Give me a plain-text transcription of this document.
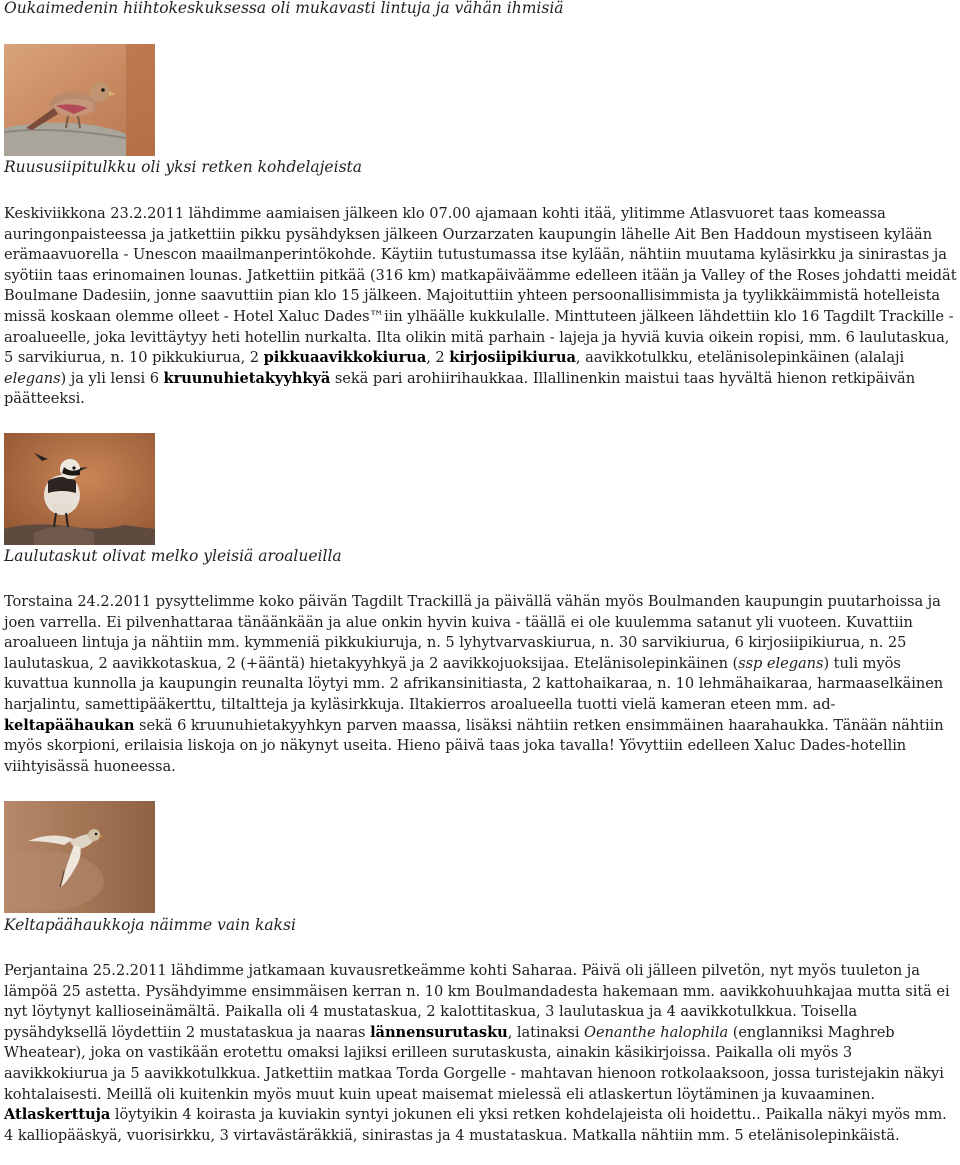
Oukaimedenin hiihtokeskuksessa oli mukavasti lintuja ja vähän ihmisiä
Ruususiipitulkku oli yksi retken kohdelajeista

Keskiviikkona 23.2.2011 lähdimme aamiaisen jälkeen klo 07.00 ajamaan kohti itää, ylitimme Atlasvuoret taas komeassa auringonpaisteessa ja jatkettiin pikku pysähdyksen jälkeen Ourzarzaten kaupungin lähelle Ait Ben Haddoun mystiseen kylään erämaavuorella - Unescon maailmanperintökohde. Käytiin tutustumassa itse kylään, nähtiin muutama kyläsirkku ja sinirastas ja syötiin taas erinomainen lounas. Jatkettiin pitkää (316 km) matkapäiväämme edelleen itään ja Valley of the Roses johdatti meidät Boulmane Dadesiin, jonne saavuttiin pian klo 15 jälkeen. Majoituttiin yhteen persoonallisimmista ja tyylikkäimmistä hotelleista missä koskaan olemme olleet - Hotel Xaluc Dades™iin ylhäälle kukkulalle. Minttuteen jälkeen lähdettiin klo 16 Tagdilt Trackille - aroalueelle, joka levittäytyy heti hotellin nurkalta. Ilta olikin mitä parhain - lajeja ja hyviä kuvia oikein ropisi, mm. 6 laulutaskua, 5 sarvikiurua, n. 10 pikkukiurua, 2 pikkuaavikkokiurua, 2 kirjosiipikiurua, aavikkotulkku, etelänisolepinkäinen (alalaji elegans) ja yli lensi 6 kruunuhietakyyhkyä sekä pari arohiirihaukkaa. Illallinenkin maistui taas hyvältä hienon retkipäivän päätteeksi.

Laulutaskut olivat melko yleisiä aroalueilla

Torstaina 24.2.2011 pysyttelimme koko päivän Tagdilt Trackillä ja päivällä vähän myös Boulmanden kaupungin puutarhoissa ja joen varrella. Ei pilvenhattaraa tänäänkään ja alue onkin hyvin kuiva - täällä ei ole kuulemma satanut yli vuoteen. Kuvattiin aroalueen lintuja ja nähtiin mm. kymmeniä pikkukiuruja, n. 5 lyhytvarvaskiurua, n. 30 sarvikiurua, 6 kirjosiipikiurua, n. 25 laulutaskua, 2 aavikkotaskua, 2 (+ääntä) hietakyyhkyä ja 2 aavikkojuoksijaa. Etelänisolepinkäinen (ssp elegans) tuli myös kuvattua kunnolla ja kaupungin reunalta löytyi mm. 2 afrikansinitiasta, 2 kattohaikaraa, n. 10 lehmähaikaraa, harmaaselkäinen harjalintu, samettipääkerttu, tiltaltteja ja kyläsirkkuja. Iltakierros aroalueella tuotti vielä kameran eteen mm. ad-keltapäähaukan sekä 6 kruunuhietakyyhkyn parven maassa, lisäksi nähtiin retken ensimmäinen haarahaukka. Tänään nähtiin myös skorpioni, erilaisia liskoja on jo näkynyt useita. Hieno päivä taas joka tavalla! Yövyttiin edelleen Xaluc Dades-hotellin viihtyisässä huoneessa.

Keltapäähaukkoja näimme vain kaksi

Perjantaina 25.2.2011 lähdimme jatkamaan kuvausretkeämme kohti Saharaa. Päivä oli jälleen pilvetön, nyt myös tuuleton ja lämpöä 25 astetta. Pysähdyimme ensimmäisen kerran n. 10 km Boulmandadesta hakemaan mm. aavikkohuuhkajaa mutta sitä ei nyt löytynyt kallioseinämältä. Paikalla oli 4 mustataskua, 2 kalottitaskua, 3 laulutaskua ja 4 aavikkotulkkua. Toisella pysähdyksellä löydettiin 2 mustataskua ja naaras lännensurutasku, latinaksi Oenanthe halophila (englanniksi Maghreb Wheatear), joka on vastikään erotettu omaksi lajiksi erilleen surutaskusta, ainakin käsikirjoissa. Paikalla oli myös 3 aavikkokiurua ja 5 aavikkotulkkua. Jatkettiin matkaa Torda Gorgelle - mahtavan hienoon rotkolaaksoon, jossa turistejakin näkyi kohtalaisesti. Meillä oli kuitenkin myös muut kuin upeat maisemat mielessä eli atlaskertun löytäminen ja kuvaaminen. Atlaskerttuja löytyikin 4 koirasta ja kuviakin syntyi jokunen eli yksi retken kohdelajeista oli hoidettu.. Paikalla näkyi myös mm. 4 kalliopääskyä, vuorisirkku, 3 virtavästäräkkiä, sinirastas ja 4 mustataskua. Matkalla nähtiin mm. 5 etelänisolepinkäistä.
